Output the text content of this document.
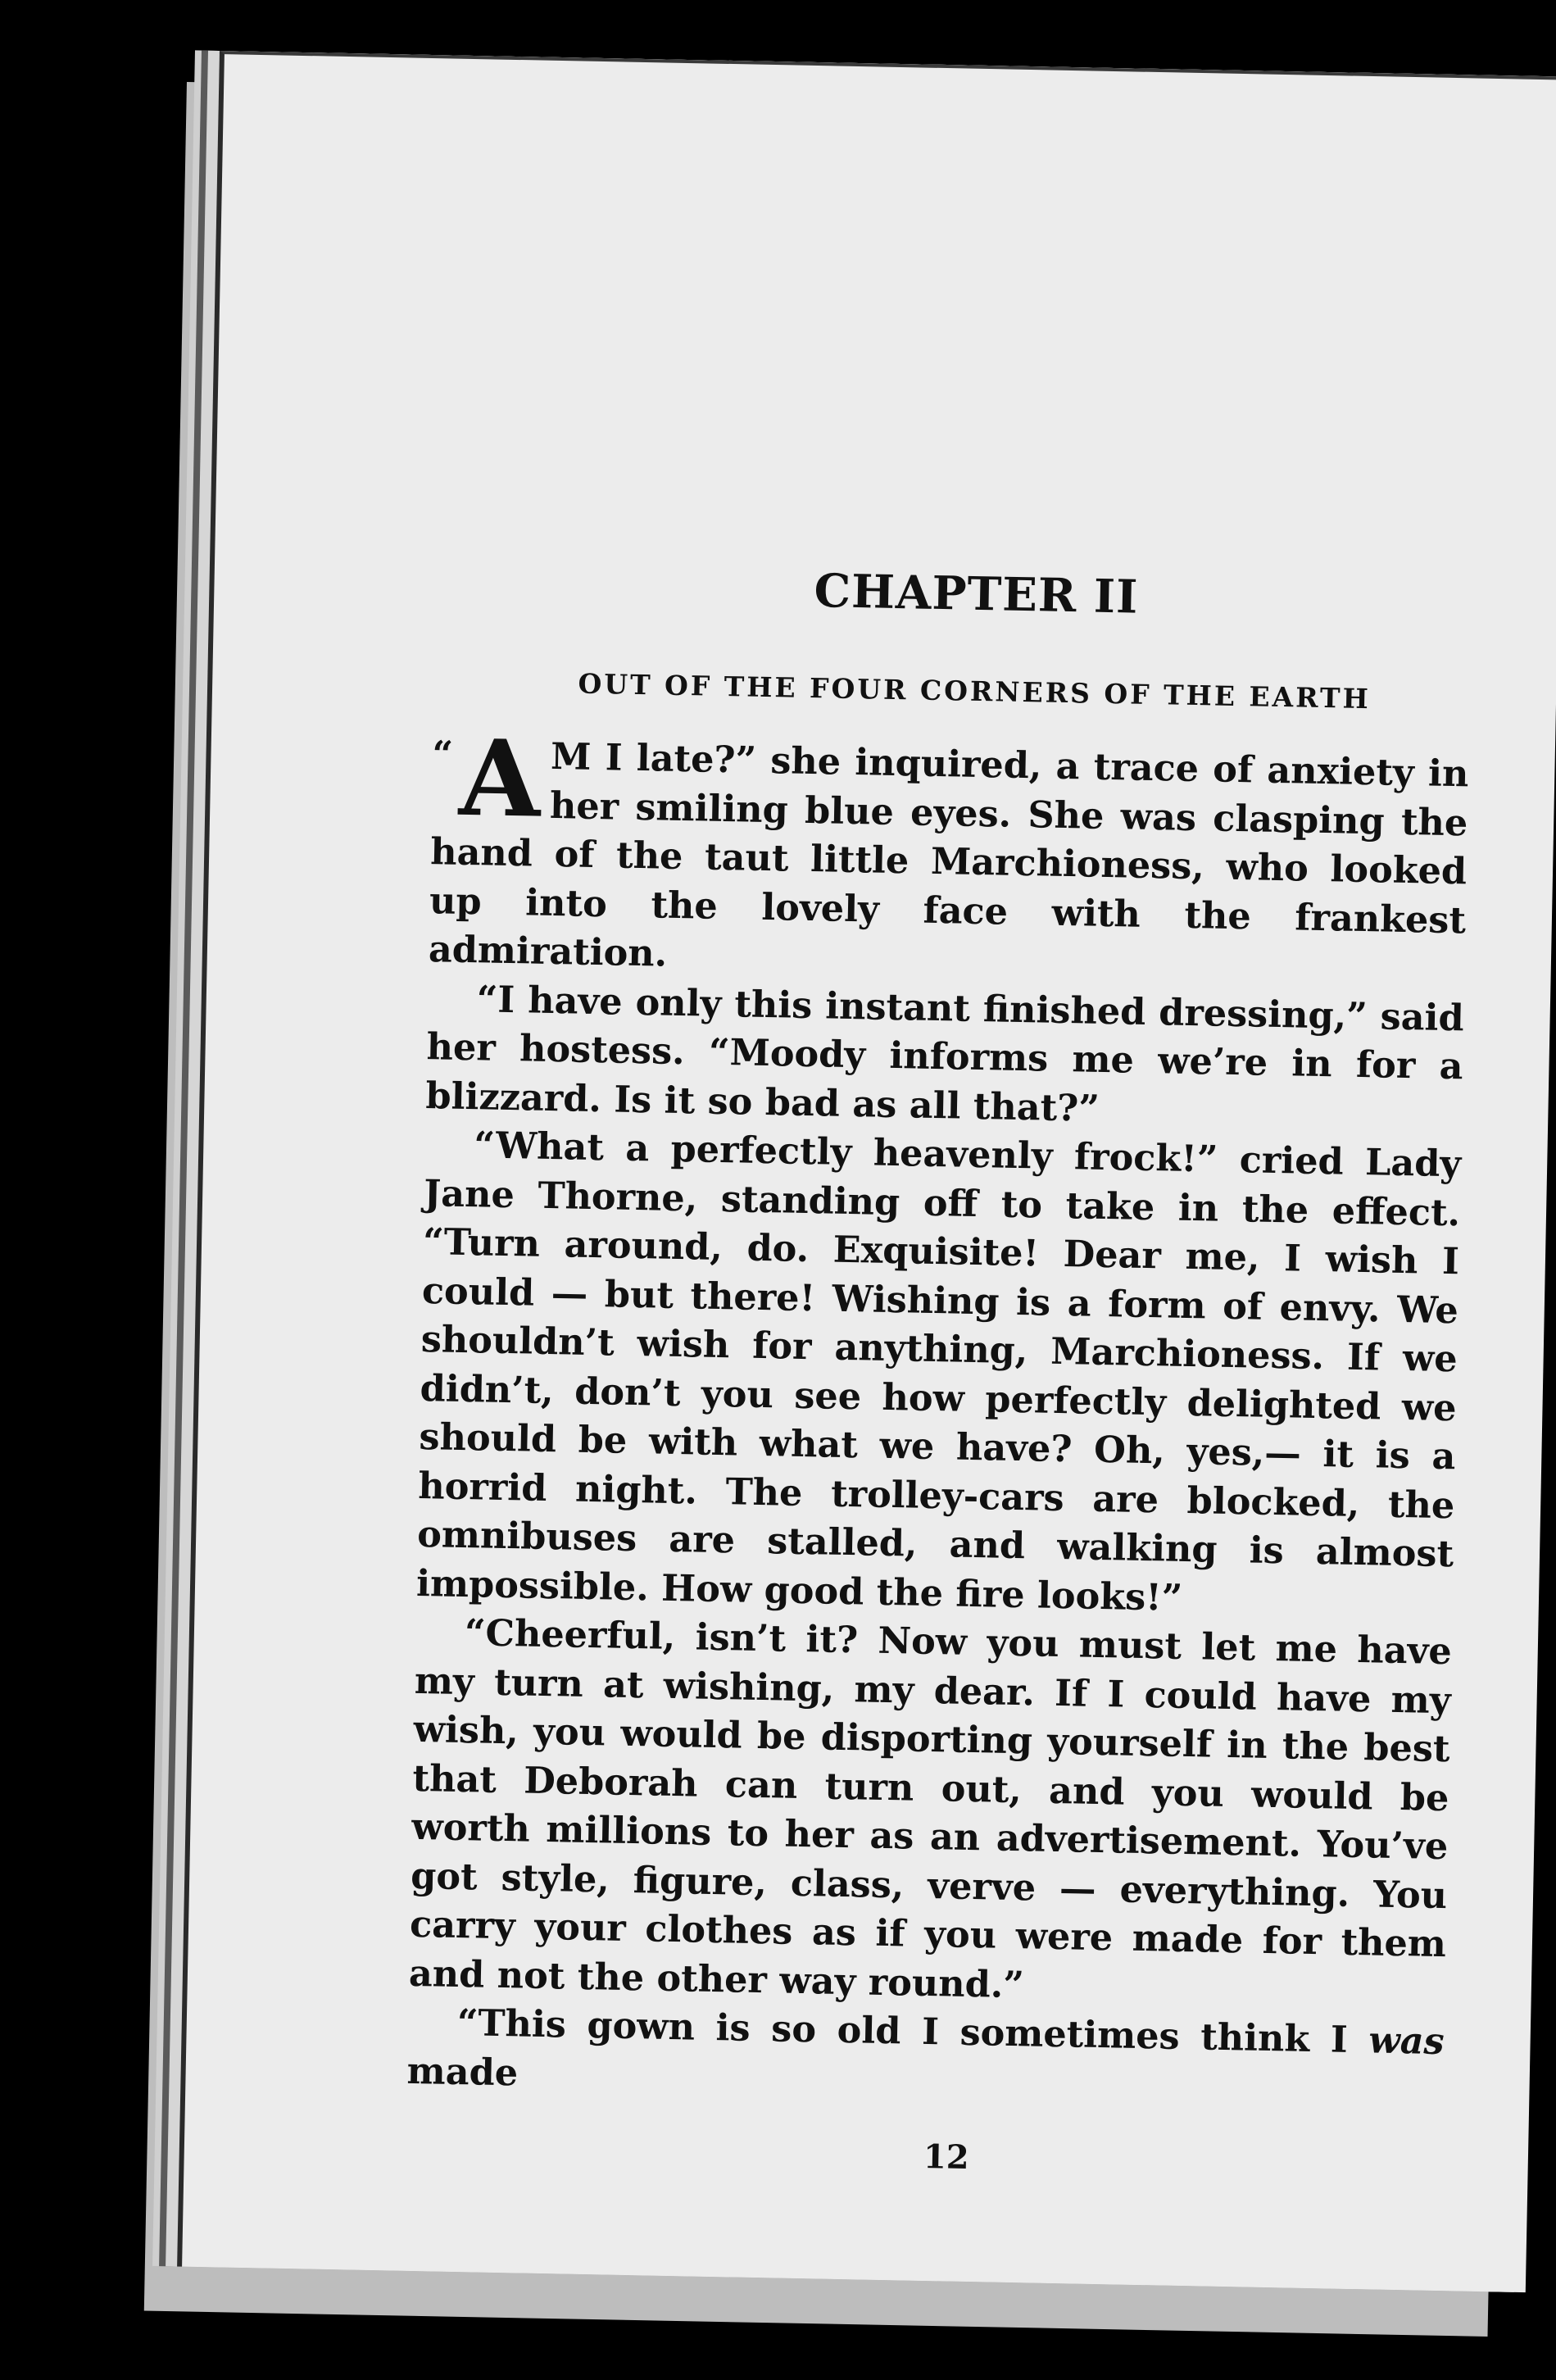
CHAPTER II
OUT OF THE FOUR CORNERS OF THE EARTH

“ A M I late?” she inquired, a trace of anxiety in her smiling blue eyes. She was clasping the hand of the taut little Marchioness, who looked up into the lovely face with the frankest admiration.

“I have only this instant finished dressing,” said her hostess. “Moody informs me we’re in for a blizzard. Is it so bad as all that?”

“What a perfectly heavenly frock!” cried Lady Jane Thorne, standing off to take in the effect. “Turn around, do. Exquisite! Dear me, I wish I could — but there! Wishing is a form of envy. We shouldn’t wish for anything, Marchioness. If we didn’t, don’t you see how perfectly delighted we should be with what we have? Oh, yes,— it is a horrid night. The trolley-cars are blocked, the omnibuses are stalled, and walking is almost impossible. How good the fire looks!”

“Cheerful, isn’t it? Now you must let me have my turn at wishing, my dear. If I could have my wish, you would be disporting yourself in the best that Deborah can turn out, and you would be worth millions to her as an advertisement. You’ve got style, figure, class, verve — everything. You carry your clothes as if you were made for them and not the other way round.”

“This gown is so old I sometimes think I was made

12
